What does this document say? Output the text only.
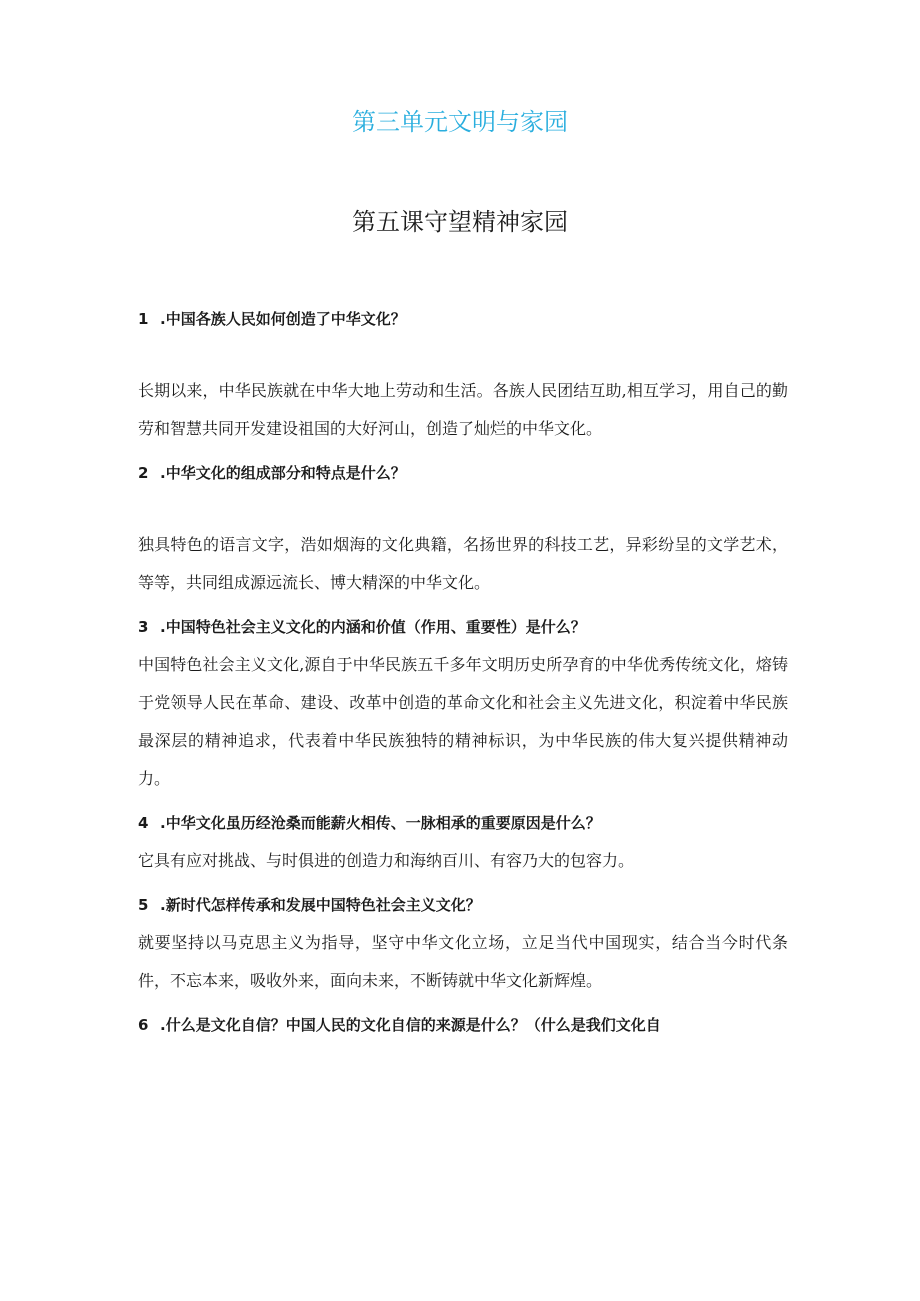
第三单元文明与家园
第五课守望精神家园

1 .中国各族人民如何创造了中华文化？

长期以来，中华民族就在中华大地上劳动和生活。各族人民团结互助,相互学习，用自己的勤劳和智慧共同开发建设祖国的大好河山，创造了灿烂的中华文化。

2 .中华文化的组成部分和特点是什么？

独具特色的语言文字，浩如烟海的文化典籍，名扬世界的科技工艺，异彩纷呈的文学艺术，等等，共同组成源远流长、博大精深的中华文化。

3 .中国特色社会主义文化的内涵和价值（作用、重要性）是什么？

中国特色社会主义文化,源自于中华民族五千多年文明历史所孕育的中华优秀传统文化，熔铸于党领导人民在革命、建设、改革中创造的革命文化和社会主义先进文化，积淀着中华民族最深层的精神追求，代表着中华民族独特的精神标识，为中华民族的伟大复兴提供精神动力。

4 .中华文化虽历经沧桑而能薪火相传、一脉相承的重要原因是什么？

它具有应对挑战、与时俱进的创造力和海纳百川、有容乃大的包容力。

5 .新时代怎样传承和发展中国特色社会主义文化？

就要坚持以马克思主义为指导，坚守中华文化立场，立足当代中国现实，结合当今时代条件，不忘本来，吸收外来，面向未来，不断铸就中华文化新辉煌。

6 .什么是文化自信？中国人民的文化自信的来源是什么？（什么是我们文化自
